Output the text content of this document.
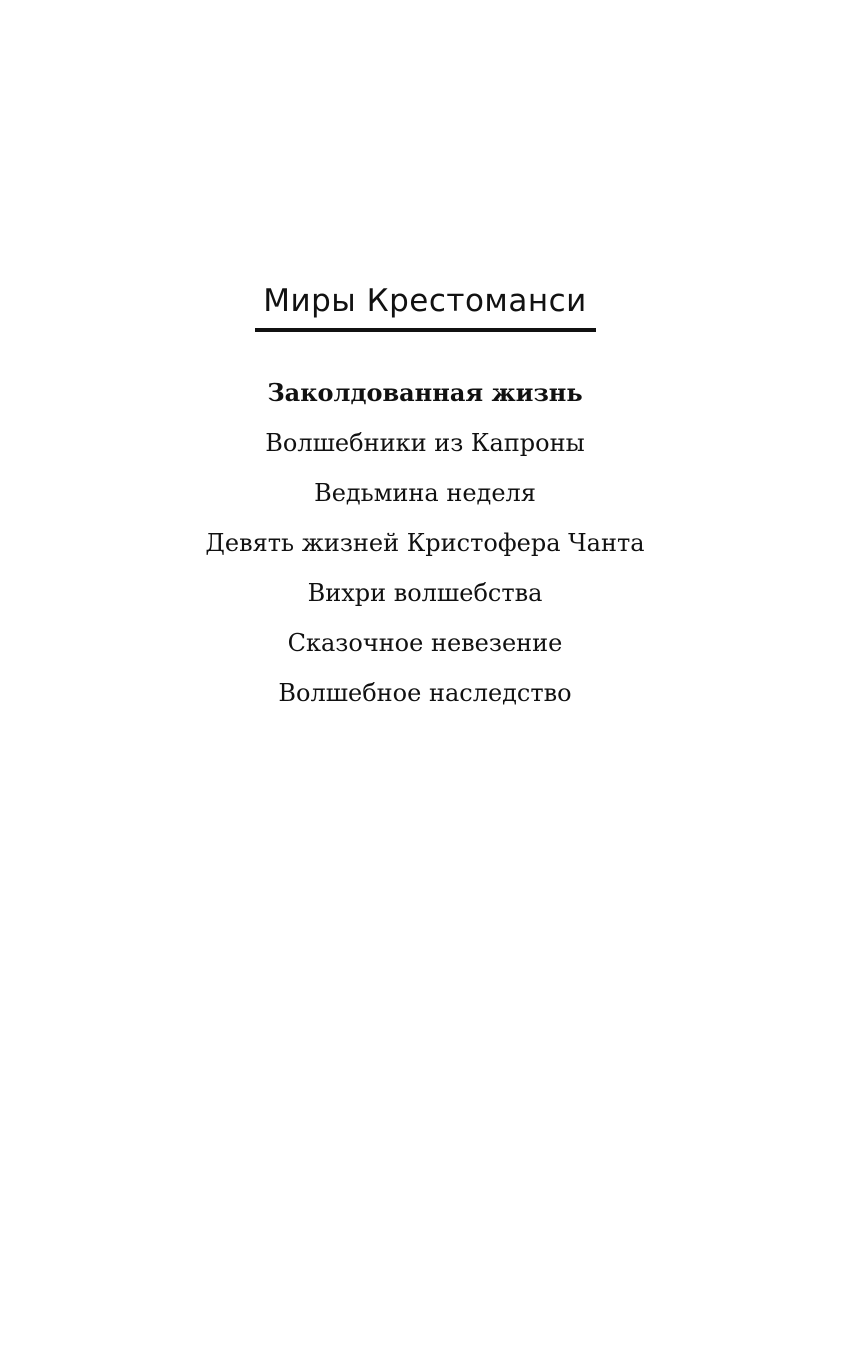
Миры Крестоманси
Заколдованная жизнь
Волшебники из Капроны
Ведьмина неделя
Девять жизней Кристофера Чанта
Вихри волшебства
Сказочное невезение
Волшебное наследство
